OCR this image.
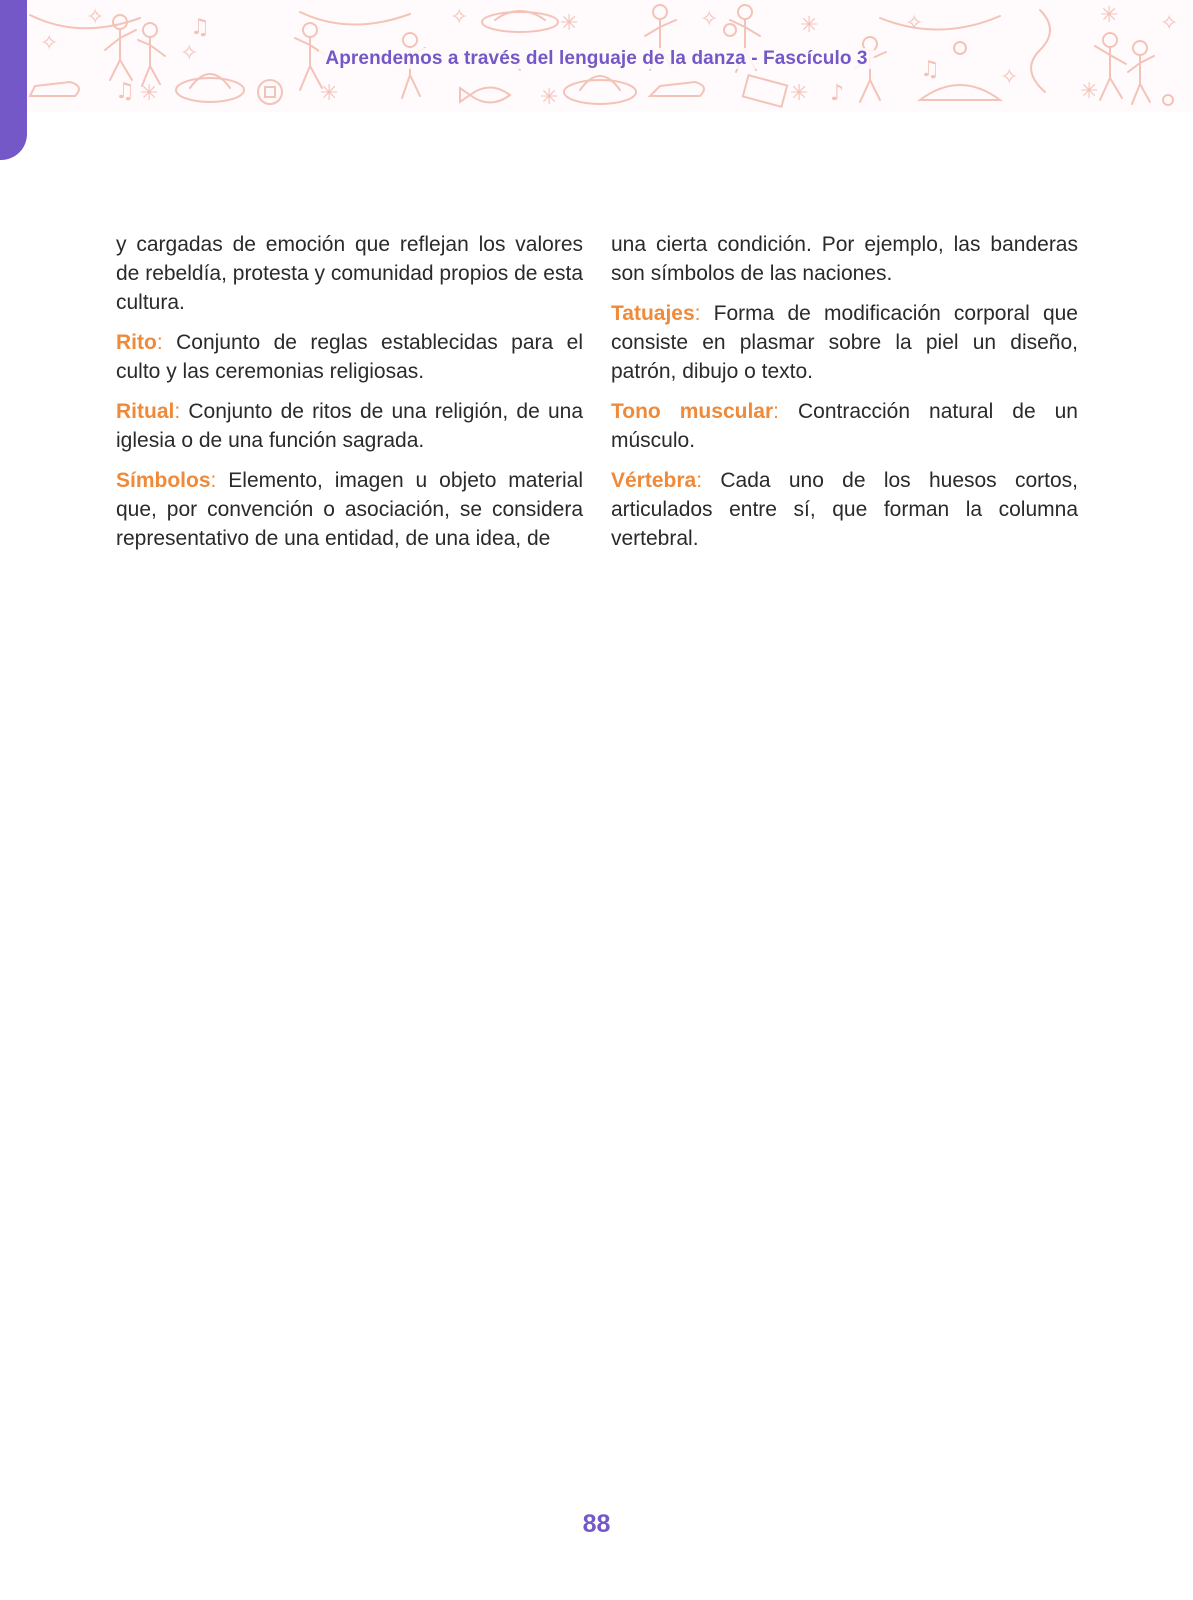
♫
♫
♪
♫
✧
✧
✧
✧	✳	✧	✳	✧
✧
✳
✳ ✧
✳	✳	✳	✳
Aprendemos a través del lenguaje de la danza - Fascículo 3

y cargadas de emoción que reflejan los valores de rebeldía, protesta y comunidad propios de esta cultura.

Rito: Conjunto de reglas establecidas para el culto y las ceremonias religiosas.

Ritual: Conjunto de ritos de una religión, de una iglesia o de una función sagrada.

Símbolos: Elemento, imagen u objeto material que, por convención o asociación, se considera representativo de una entidad, de una idea, de

una cierta condición. Por ejemplo, las banderas son símbolos de las naciones.

Tatuajes: Forma de modificación corporal que consiste en plasmar sobre la piel un diseño, patrón, dibujo o texto.

Tono muscular: Contracción natural de un músculo.

Vértebra: Cada uno de los huesos cortos, articulados entre sí, que forman la columna vertebral.

88
